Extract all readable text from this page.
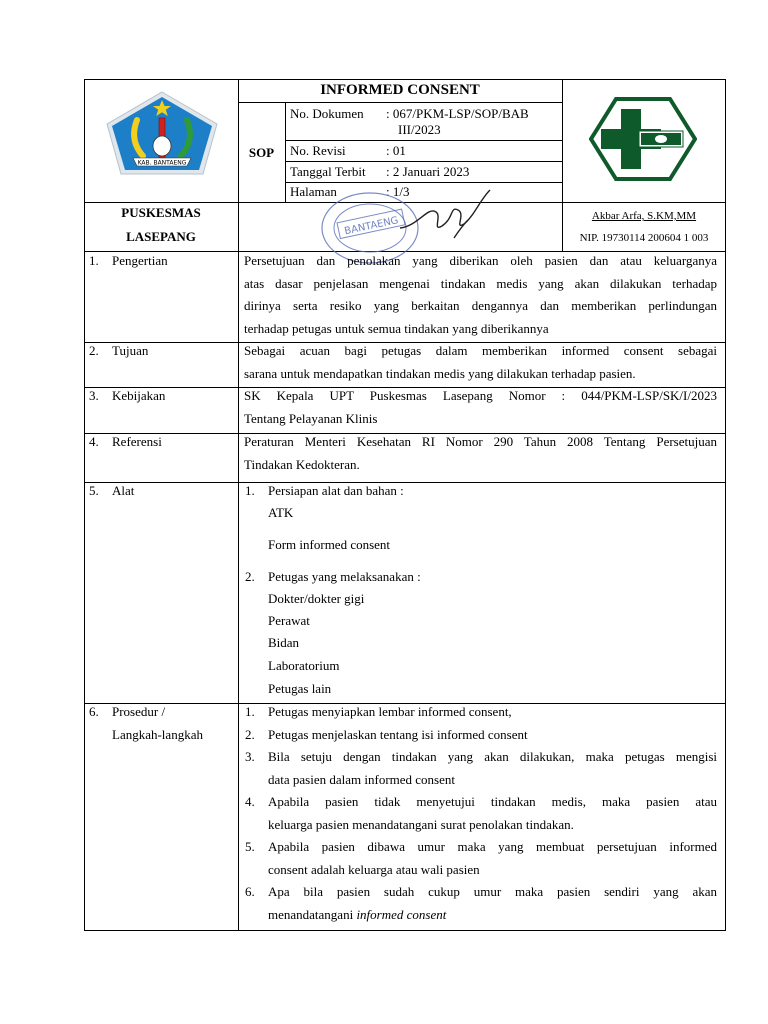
KAB. BANTAENG
INFORMED CONSENT
SOP
No. Dokumen : 067/PKM-LSP/SOP/BAB
III/2023
No. Revisi	: 01
Tanggal Terbit : 2 Januari 2023
Halaman	: 1/3
PUSKESMAS
LASEPANG	BANTAENG	Akbar Arfa, S.KM,MM
NIP. 19730114 200604 1 003
1. Pengertian	Persetujuan dan penolakan yang diberikan oleh pasien dan atau keluarganya
atas dasar penjelasan mengenai tindakan medis yang akan dilakukan terhadap
dirinya serta resiko yang berkaitan dengannya dan memberikan perlindungan
terhadap petugas untuk semua tindakan yang diberikannya
2. Tujuan	Sebagai acuan bagi petugas dalam memberikan informed consent sebagai
sarana untuk mendapatkan tindakan medis yang dilakukan terhadap pasien.
3. Kebijakan	SK Kepala UPT Puskesmas Lasepang Nomor : 044/PKM-LSP/SK/I/2023
Tentang Pelayanan Klinis
4. Referensi	Peraturan Menteri Kesehatan RI Nomor 290 Tahun 2008 Tentang Persetujuan
Tindakan Kedokteran.
5. Alat	1. Persiapan alat dan bahan :
ATK
Form informed consent
2. Petugas yang melaksanakan :
Dokter/dokter gigi
Perawat
Bidan
Laboratorium
Petugas lain
6. Prosedur /
Langkah-langkah
1. Petugas menyiapkan lembar informed consent,
2. Petugas menjelaskan tentang isi informed consent
3. Bila setuju dengan tindakan yang akan dilakukan, maka petugas mengisi
data pasien dalam informed consent
4. Apabila pasien tidak menyetujui tindakan medis, maka pasien atau
keluarga pasien menandatangani surat penolakan tindakan.
5. Apabila pasien dibawa umur maka yang membuat persetujuan informed
consent adalah keluarga atau wali pasien
6. Apa bila pasien sudah cukup umur maka pasien sendiri yang akan
menandatangani informed consent
